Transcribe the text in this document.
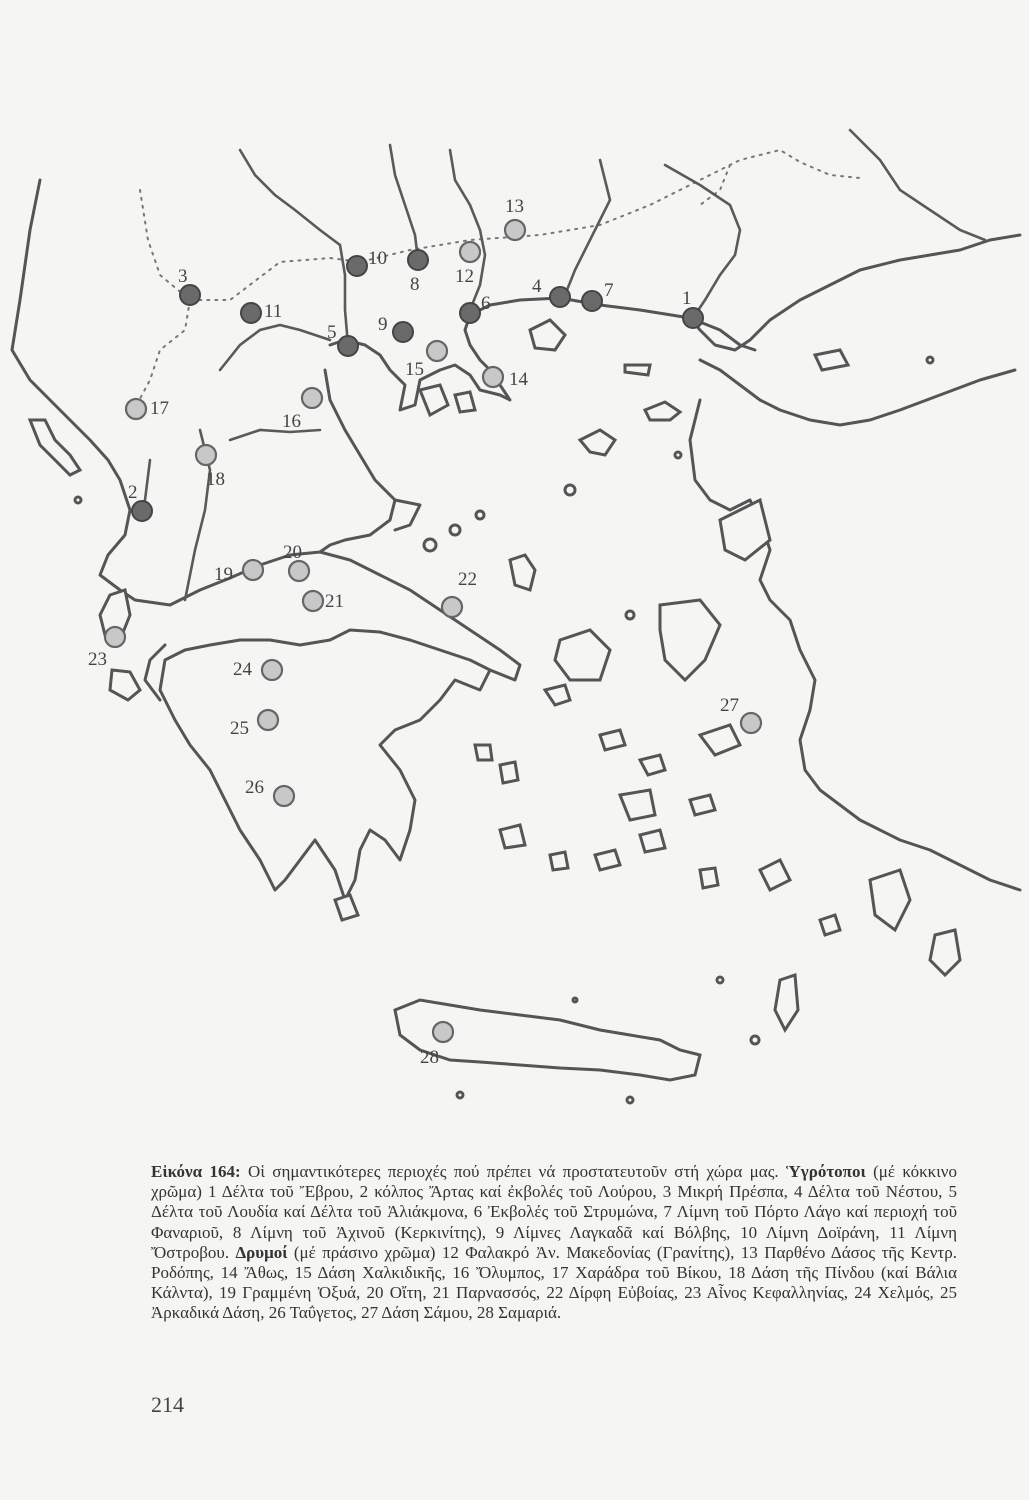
1
2
3	4
5
6
7
8
9
10
11
12
13
14
15
16
17
18
19
20
21
22
23	24
25
26
27
28
Εἰκόνα 164: Οἱ σημαντικότερες περιοχές πού πρέπει νά προστατευτοῦν στή χώρα μας. Ὑγρότοποι (μέ κόκκινο χρῶμα) 1 Δέλτα τοῦ Ἔβρου, 2 κόλπος Ἄρτας καί ἐκβολές τοῦ Λούρου, 3 Μικρή Πρέσπα, 4 Δέλτα τοῦ Νέστου, 5 Δέλτα τοῦ Λουδία καί Δέλτα τοῦ Ἀλιάκμονα, 6 Ἐκβολές τοῦ Στρυμώνα, 7 Λίμνη τοῦ Πόρτο Λάγο καί περιοχή τοῦ Φαναριοῦ, 8 Λίμνη τοῦ Ἀχινοῦ (Κερκινίτης), 9 Λίμνες Λαγκαδᾶ καί Βόλβης, 10 Λίμνη Δοϊράνη, 11 Λίμνη Ὄστροβου. Δρυμοί (μέ πράσινο χρῶμα) 12 Φαλακρό Ἀν. Μακεδονίας (Γρανίτης), 13 Παρθένο Δάσος τῆς Κεντρ. Ροδόπης, 14 Ἄθως, 15 Δάση Χαλκιδικῆς, 16 Ὄλυμπος, 17 Χαράδρα τοῦ Βίκου, 18 Δάση τῆς Πίνδου (καί Βάλια Κάλντα), 19 Γραμμένη Ὀξυά, 20 Οἴτη, 21 Παρνασσός, 22 Δίρφη Εὐβοίας, 23 Αἶνος Κεφαλληνίας, 24 Χελμός, 25 Ἀρκαδικά Δάση, 26 Ταΰγετος, 27 Δάση Σάμου, 28 Σαμαριά.
214
